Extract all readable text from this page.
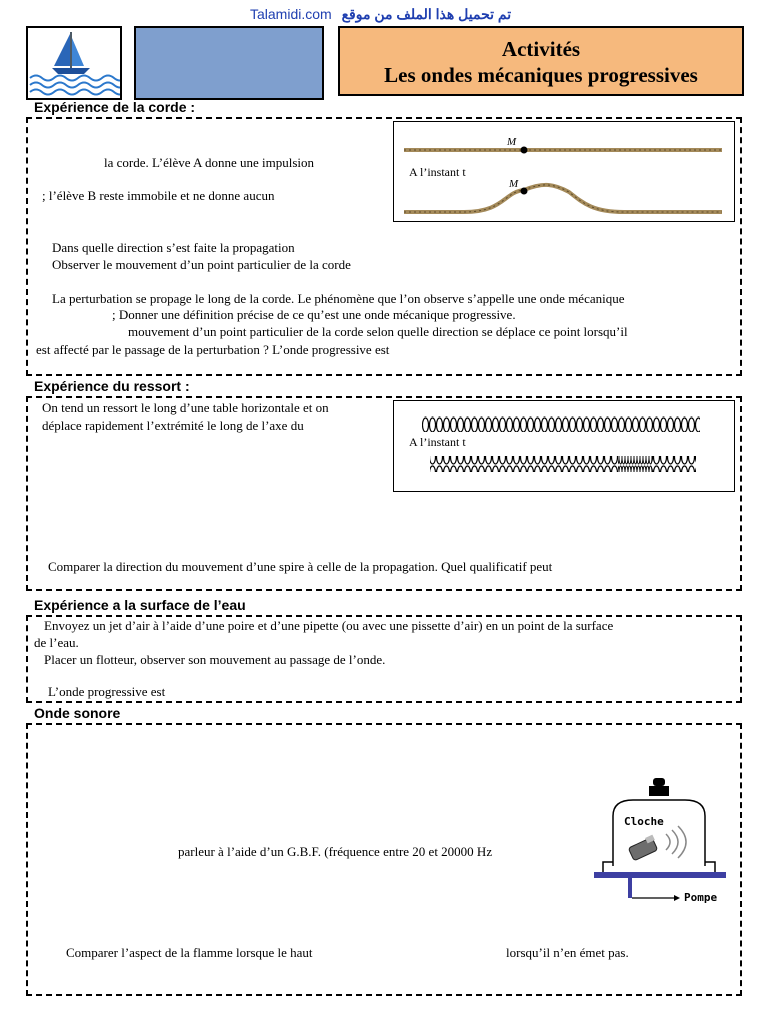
Talamidi.com تم تحميل هذا الملف من موقع
Activités
Les ondes mécaniques progressives
Expérience de la corde :
la corde. L’élève A donne une impulsion
; l’élève B reste immobile et ne donne aucun
Dans quelle direction s’est faite la propagation
Observer le mouvement d’un point particulier de la corde
La perturbation se propage le long de la corde. Le phénomène que l’on observe s’appelle une onde mécanique
; Donner une définition précise de ce qu’est une onde mécanique progressive.
mouvement d’un point particulier de la corde selon quelle direction se déplace ce point lorsqu’il
est affecté par le passage de la perturbation ? L’onde progressive est
M
M
A l’instant t
Expérience du ressort :
On tend un ressort le long d’une table horizontale et on
déplace rapidement l’extrémité le long de l’axe du
Comparer la direction du mouvement d’une spire à celle de la propagation. Quel qualificatif peut
A l’instant t
Expérience a la surface de l’eau
Envoyez un jet d’air à l’aide d’une poire et d’une pipette (ou avec une pissette d’air) en un point de la surface
de l’eau.
Placer un flotteur, observer son mouvement au passage de l’onde.
L’onde progressive est
Onde sonore
parleur à l’aide d’un G.B.F. (fréquence entre 20 et 20000 Hz
Comparer l’aspect de la flamme lorsque le haut	lorsqu’il n’en émet pas.
Cloche
Pompe
